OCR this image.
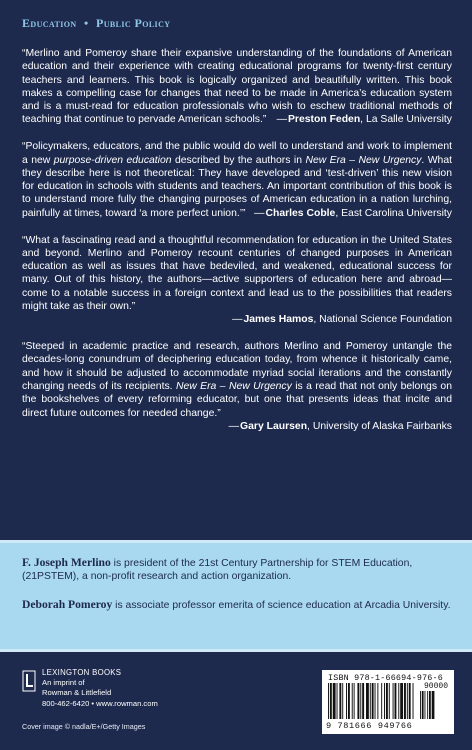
Education • Public Policy

“Merlino and Pomeroy share their expansive understanding of the foundations of American education and their experience with creating educational programs for twenty-first century teachers and learners. This book is logically organized and beautifully written. This book makes a compelling case for changes that need to be made in America’s education system and is a must-read for education professionals who wish to eschew traditional methods of teaching that continue to pervade American schools.” —Preston Feden, La Salle University

“Policymakers, educators, and the public would do well to understand and work to implement a new purpose-driven education described by the authors in New Era – New Urgency. What they describe here is not theoretical: They have developed and ‘test-driven’ this new vision for education in schools with students and teachers. An important contribution of this book is to understand more fully the changing purposes of American education in a nation lurching, painfully at times, toward ‘a more perfect union.’” —Charles Coble, East Carolina University

“What a fascinating read and a thoughtful recommendation for education in the United States and beyond. Merlino and Pomeroy recount centuries of changed purposes in American education as well as issues that have bedeviled, and weakened, educational success for many. Out of this history, the authors—active supporters of education here and abroad—come to a notable success in a foreign context and lead us to the possibilities that readers might take as their own.”
—James Hamos, National Science Foundation

“Steeped in academic practice and research, authors Merlino and Pomeroy untangle the decades-long conundrum of deciphering education today, from whence it historically came, and how it should be adjusted to accommodate myriad social iterations and the constantly changing needs of its recipients. New Era – New Urgency is a read that not only belongs on the bookshelves of every reforming educator, but one that presents ideas that incite and direct future outcomes for needed change.”
—Gary Laursen, University of Alaska Fairbanks

F. Joseph Merlino is president of the 21st Century Partnership for STEM Education, (21PSTEM), a non-profit research and action organization.

Deborah Pomeroy is associate professor emerita of science education at Arcadia University.

LEXINGTON BOOKS
An imprint of
Rowman & Littlefield
800-462-6420 • www.rowman.com
Cover image © nadla/E+/Getty Images
ISBN 978-1-66694-976-6
90000
9 781666 949766
